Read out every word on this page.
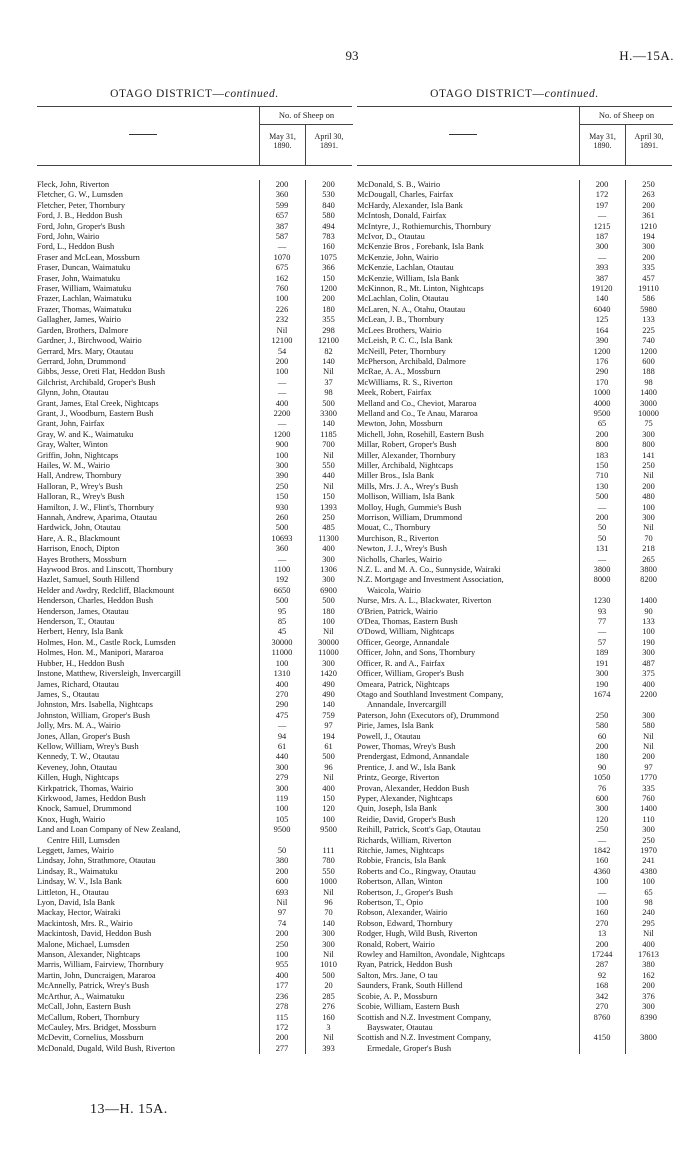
93	H.—15A.
OTAGO DISTRICT—continued.
No. of Sheep on
May 31, 1890.
April 30, 1891.
Fleck, John, Riverton	200	200
Fletcher, G. W., Lumsden	360	530
Fletcher, Peter, Thornbury	599	840
Ford, J. B., Heddon Bush	657	580
Ford, John, Groper's Bush	387	494
Ford, John, Wairio	587	783
Ford, L., Heddon Bush	—	160
Fraser and McLean, Mossburn	1070	1075
Fraser, Duncan, Waimatuku	675	366
Fraser, John, Waimatuku	162	150
Fraser, William, Waimatuku	760	1200
Frazer, Lachlan, Waimatuku	100	200
Frazer, Thomas, Waimatuku	226	180
Gallagher, James, Wairio	232	355
Garden, Brothers, Dalmore	Nil	298
Gardner, J., Birchwood, Wairio	12100	12100
Gerrard, Mrs. Mary, Otautau	54	82
Gerrard, John, Drummond	200	140
Gibbs, Jesse, Oreti Flat, Heddon Bush	100	Nil
Gilchrist, Archibald, Groper's Bush	—	37
Glynn, John, Otautau	—	98
Grant, James, Etal Creek, Nightcaps	400	500
Grant, J., Woodburn, Eastern Bush	2200	3300
Grant, John, Fairfax	—	140
Gray, W. and K., Waimatuku	1200	1185
Gray, Walter, Winton	900	700
Griffin, John, Nightcaps	100	Nil
Hailes, W. M., Wairio	300	550
Hall, Andrew, Thornbury	390	440
Halloran, P., Wrey's Bush	250	Nil
Halloran, R., Wrey's Bush	150	150
Hamilton, J. W., Flint's, Thornbury	930	1393
Hannah, Andrew, Aparima, Otautau	260	250
Hardwick, John, Otautau	500	485
Hare, A. R., Blackmount	10693	11300
Harrison, Enoch, Dipton	360	400
Hayes Brothers, Mossburn	—	300
Haywood Bros. and Linscott, Thornbury	1100	1306
Hazlet, Samuel, South Hillend	192	300
Helder and Awdry, Redcliff, Blackmount	6650	6900
Henderson, Charles, Heddon Bush	500	500
Henderson, James, Otautau	95	180
Henderson, T., Otautau	85	100
Herbert, Henry, Isla Bank	45	Nil
Holmes, Hon. M., Castle Rock, Lumsden	30000	30000
Holmes, Hon. M., Manipori, Mararoa	11000	11000
Hubber, H., Heddon Bush	100	300
Instone, Matthew, Riversleigh, Invercargill	1310	1420
James, Richard, Otautau	400	490
James, S., Otautau	270	490
Johnston, Mrs. Isabella, Nightcaps	290	140
Johnston, William, Groper's Bush	475	759
Jolly, Mrs. M. A., Wairio	—	97
Jones, Allan, Groper's Bush	94	194
Kellow, William, Wrey's Bush	61	61
Kennedy, T. W., Otautau	440	500
Keveney, John, Otautau	300	96
Killen, Hugh, Nightcaps	279	Nil
Kirkpatrick, Thomas, Wairio	300	400
Kirkwood, James, Heddon Bush	119	150
Knock, Samuel, Drummond	100	120
Knox, Hugh, Wairio	105	100
Land and Loan Company of New Zealand,	9500	9500
Centre Hill, Lumsden
Leggett, James, Wairio	50	111
Lindsay, John, Strathmore, Otautau	380	780
Lindsay, R., Waimatuku	200	550
Lindsay, W. V., Isla Bank	600	1000
Littleton, H., Otautau	693	Nil
Lyon, David, Isla Bank	Nil	96
Mackay, Hector, Wairaki	97	70
Mackintosh, Mrs. R., Wairio	74	140
Mackintosh, David, Heddon Bush	200	300
Malone, Michael, Lumsden	250	300
Manson, Alexander, Nightcaps	100	Nil
Marris, William, Fairview, Thornbury	955	1010
Martin, John, Duncraigen, Mararoa	400	500
McAnnelly, Patrick, Wrey's Bush	177	20
McArthur, A., Waimatuku	236	285
McCall, John, Eastern Bush	278	276
McCallum, Robert, Thornbury	115	160
McCauley, Mrs. Bridget, Mossburn	172	3
McDevitt, Cornelius, Mossburn	200	Nil
McDonald, Dugald, Wild Bush, Riverton	277	393
OTAGO DISTRICT—continued.
No. of Sheep on
May 31, 1890.
April 30, 1891.
McDonald, S. B., Wairio	200	250
McDougall, Charles, Fairfax	172	263
McHardy, Alexander, Isla Bank	197	200
McIntosh, Donald, Fairfax	—	361
McIntyre, J., Rothiemurchis, Thornbury	1215	1210
McIvor, D., Otautau	187	194
McKenzie Bros , Forebank, Isla Bank	300	300
McKenzie, John, Wairio	—	200
McKenzie, Lachlan, Otautau	393	335
McKenzie, William, Isla Bank	387	457
McKinnon, R., Mt. Linton, Nightcaps	19120	19110
McLachlan, Colin, Otautau	140	586
McLaren, N. A., Otahu, Otautau	6040	5980
McLean, J. B., Thornbury	125	133
McLees Brothers, Wairio	164	225
McLeish, P. C. C., Isla Bank	390	740
McNeill, Peter, Thornbury	1200	1200
McPherson, Archibald, Dalmore	176	600
McRae, A. A., Mossburn	290	188
McWilliams, R. S., Riverton	170	98
Meek, Robert, Fairfax	1000	1400
Melland and Co., Cheviot, Mararoa	4000	3000
Melland and Co., Te Anau, Mararoa	9500	10000
Mewton, John, Mossburn	65	75
Michell, John, Rosehill, Eastern Bush	200	300
Millar, Robert, Groper's Bush	800	800
Miller, Alexander, Thornbury	183	141
Miller, Archibald, Nightcaps	150	250
Miller Bros., Isla Bank	710	Nil
Mills, Mrs. J. A., Wrey's Bush	130	200
Mollison, William, Isla Bank	500	480
Molloy, Hugh, Gummie's Bush	—	100
Morrison, William, Drummond	200	300
Mouat, C., Thornbury	50	Nil
Murchison, R., Riverton	50	70
Newton, J. J., Wrey's Bush	131	218
Nicholls, Charles, Wairio	—	265
N.Z. L. and M. A. Co., Sunnyside, Wairaki	3800	3800
N.Z. Mortgage and Investment Association,	8000	8200
Waicola, Wairio
Nurse, Mrs. A. L., Blackwater, Riverton	1230	1400
O'Brien, Patrick, Wairio	93	90
O'Dea, Thomas, Eastern Bush	77	133
O'Dowd, William, Nightcaps	—	100
Officer, George, Annandale	57	190
Officer, John, and Sons, Thornbury	189	300
Officer, R. and A., Fairfax	191	487
Officer, William, Groper's Bush	300	375
Omeara, Patrick, Nightcaps	190	400
Otago and Southland Investment Company,	1674	2200
Annandale, Invercargill
Paterson, John (Executors of), Drummond	250	300
Pirie, James, Isla Bank	580	580
Powell, J., Otautau	60	Nil
Power, Thomas, Wrey's Bush	200	Nil
Prendergast, Edmond, Annandale	180	200
Prentice, J. and W., Isla Bank	90	97
Printz, George, Riverton	1050	1770
Provan, Alexander, Heddon Bush	76	335
Pyper, Alexander, Nightcaps	600	760
Quin, Joseph, Isla Bank	300	1400
Reidie, David, Groper's Bush	120	110
Reihill, Patrick, Scott's Gap, Otautau	250	300
Richards, William, Riverton	—	250
Ritchie, James, Nightcaps	1842	1970
Robbie, Francis, Isla Bank	160	241
Roberts and Co., Ringway, Otautau	4360	4380
Robertson, Allan, Winton	100	100
Robertson, J., Groper's Bush	—	65
Robertson, T., Opio	100	98
Robson, Alexander, Wairio	160	240
Robson, Edward, Thornbury	270	295
Rodger, Hugh, Wild Bush, Riverton	13	Nil
Ronald, Robert, Wairio	200	400
Rowley and Hamilton, Avondale, Nightcaps	17244	17613
Ryan, Patrick, Heddon Bush	287	380
Salton, Mrs. Jane, O tau	92	162
Saunders, Frank, South Hillend	168	200
Scobie, A. P., Mossburn	342	376
Scobie, William, Eastern Bush	270	300
Scottish and N.Z. Investment Company,	8760	8390
Bayswater, Otautau
Scottish and N.Z. Investment Company,	4150	3800
Ermedale, Groper's Bush
13—H. 15A.
